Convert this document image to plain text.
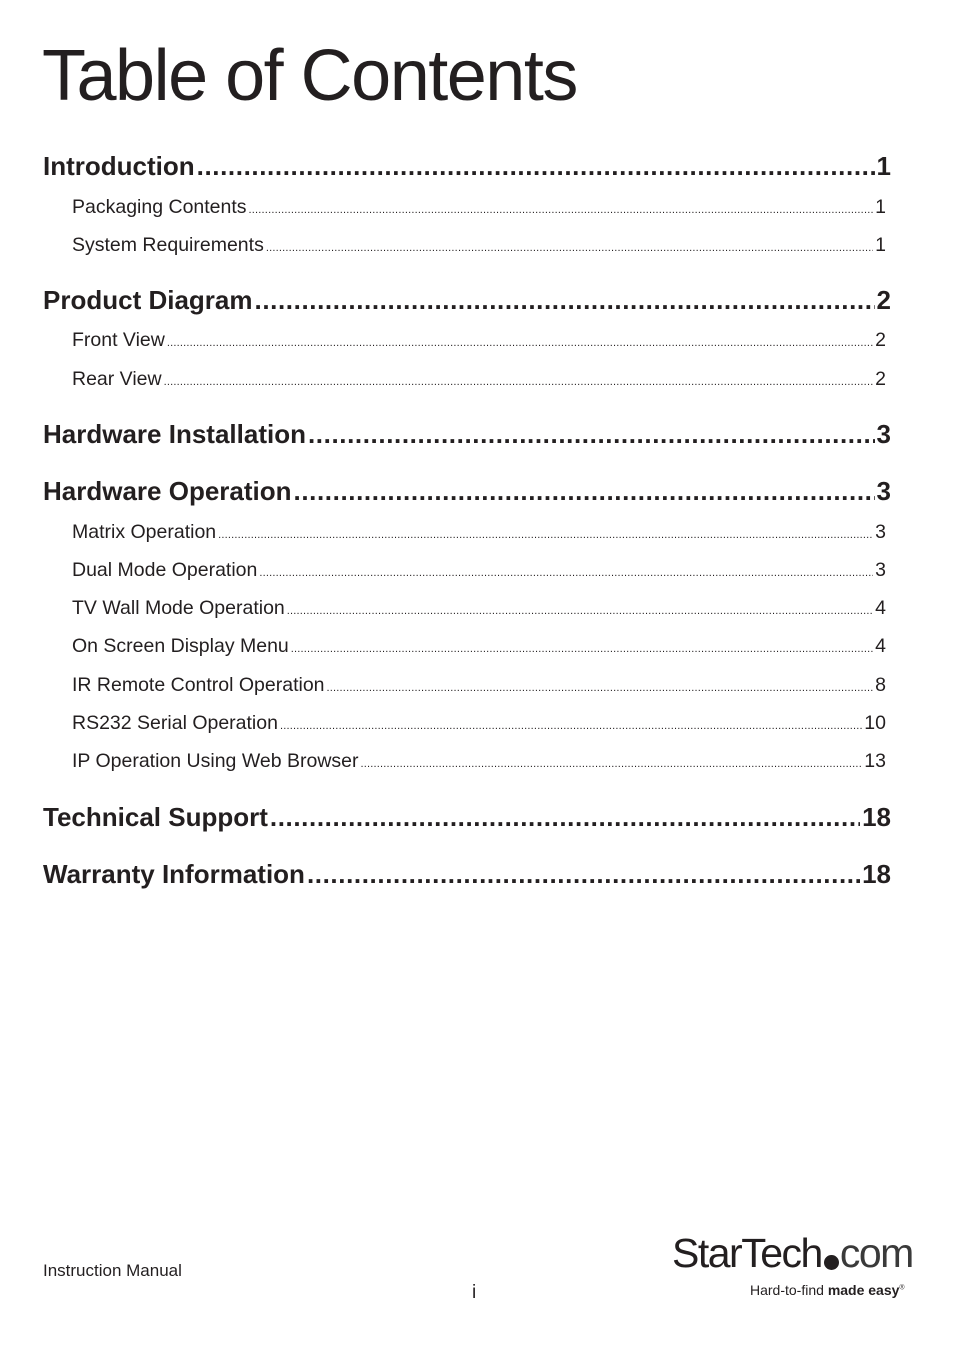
Table of Contents
Introduction .....	1
Packaging Contents .....	1
System Requirements .....	1
Product Diagram .....	2
Front View .....	2
Rear View .....	2
Hardware Installation .....	3
Hardware Operation .....	3
Matrix Operation .....	3
Dual Mode Operation .....	3
TV Wall Mode Operation .....	4
On Screen Display Menu .....	4
IR Remote Control Operation .....	8
RS232 Serial Operation .....	10
IP Operation Using Web Browser .....	13
Technical Support .....	18
Warranty Information .....	18
Instruction Manual
i
StarTech com
Hard-to-find made easy®
